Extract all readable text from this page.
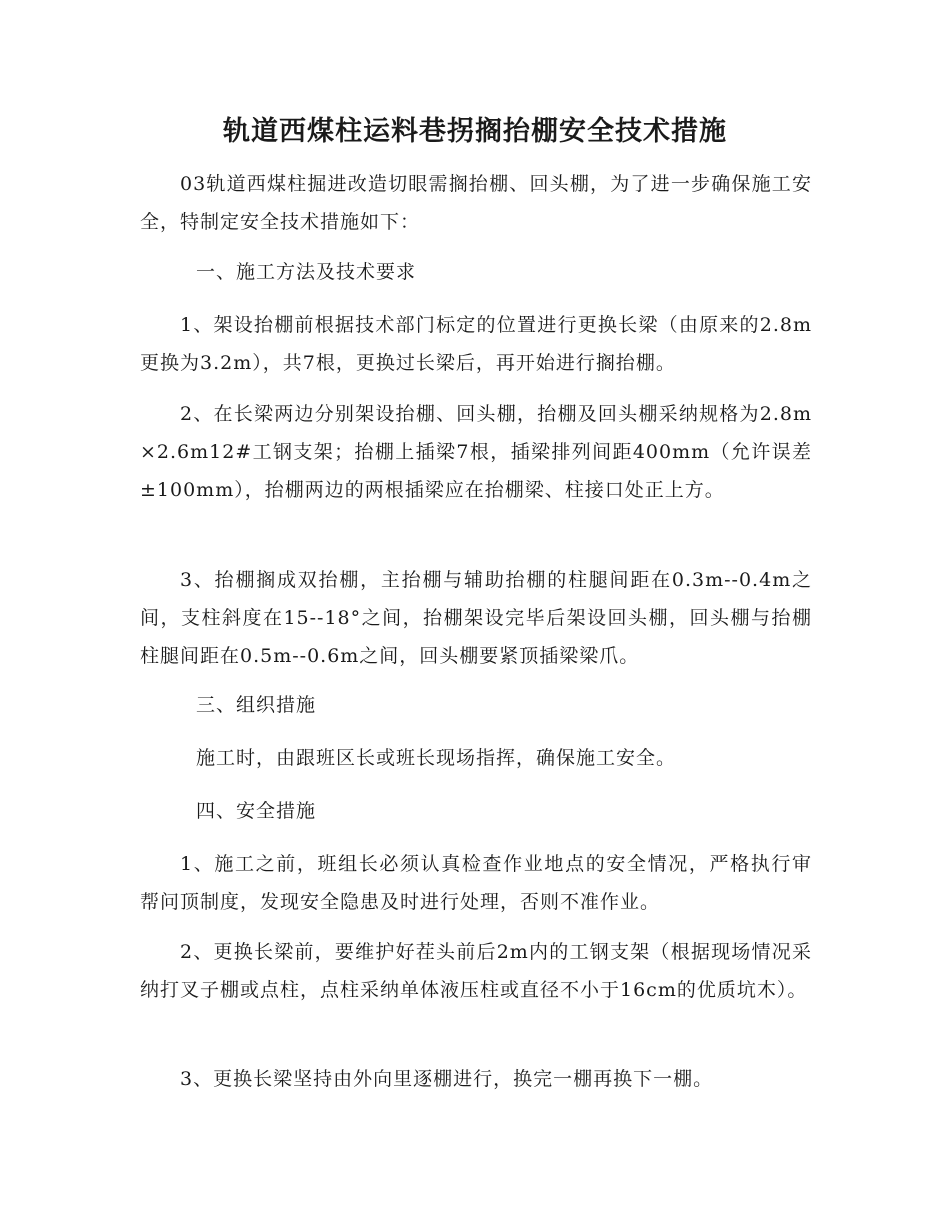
轨道西煤柱运料巷拐搁抬棚安全技术措施

03轨道西煤柱掘进改造切眼需搁抬棚、回头棚，为了进一步确保施工安全，特制定安全技术措施如下：

一、施工方法及技术要求

1、架设抬棚前根据技术部门标定的位置进行更换长梁（由原来的2.8m更换为3.2m），共7根，更换过长梁后，再开始进行搁抬棚。

2、在长梁两边分别架设抬棚、回头棚，抬棚及回头棚采纳规格为2.8m×2.6m12#工钢支架；抬棚上插梁7根，插梁排列间距400mm（允许误差±100mm），抬棚两边的两根插梁应在抬棚梁、柱接口处正上方。

3、抬棚搁成双抬棚，主抬棚与辅助抬棚的柱腿间距在0.3m--0.4m之间，支柱斜度在15--18°之间，抬棚架设完毕后架设回头棚，回头棚与抬棚柱腿间距在0.5m--0.6m之间，回头棚要紧顶插梁梁爪。

三、组织措施

施工时，由跟班区长或班长现场指挥，确保施工安全。

四、安全措施

1、施工之前，班组长必须认真检查作业地点的安全情况，严格执行审帮问顶制度，发现安全隐患及时进行处理，否则不准作业。

2、更换长梁前，要维护好茬头前后2m内的工钢支架（根据现场情况采纳打叉子棚或点柱，点柱采纳单体液压柱或直径不小于16cm的优质坑木）。

3、更换长梁坚持由外向里逐棚进行，换完一棚再换下一棚。
